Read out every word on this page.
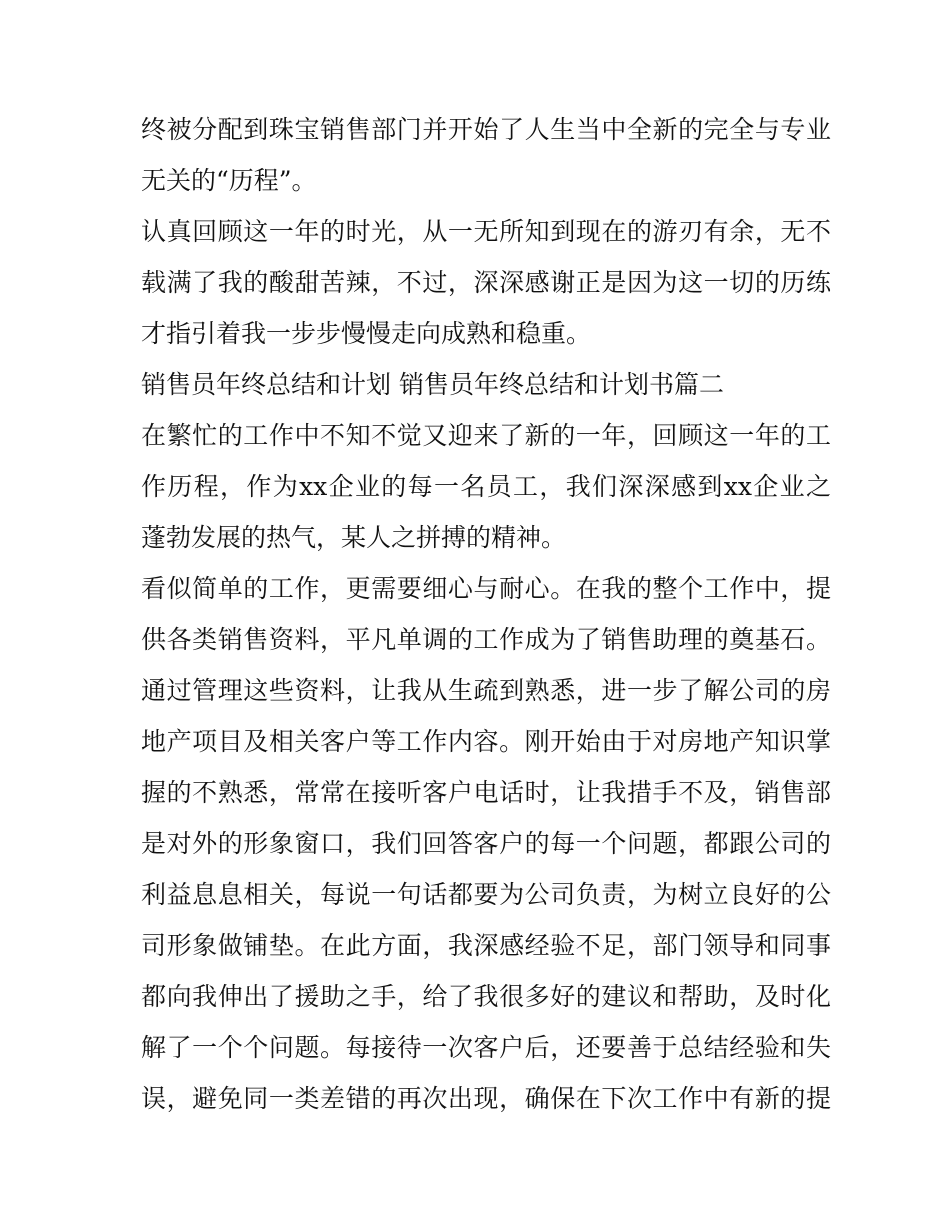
终被分配到珠宝销售部门并开始了人生当中全新的完全与专业
无关的“历程”。
认真回顾这一年的时光，从一无所知到现在的游刃有余，无不
载满了我的酸甜苦辣，不过，深深感谢正是因为这一切的历练
才指引着我一步步慢慢走向成熟和稳重。
销售员年终总结和计划 销售员年终总结和计划书篇二
在繁忙的工作中不知不觉又迎来了新的一年，回顾这一年的工
作历程，作为xx企业的每一名员工，我们深深感到xx企业之
蓬勃发展的热气，某人之拼搏的精神。
看似简单的工作，更需要细心与耐心。在我的整个工作中，提
供各类销售资料，平凡单调的工作成为了销售助理的奠基石。
通过管理这些资料，让我从生疏到熟悉，进一步了解公司的房
地产项目及相关客户等工作内容。刚开始由于对房地产知识掌
握的不熟悉，常常在接听客户电话时，让我措手不及，销售部
是对外的形象窗口，我们回答客户的每一个问题，都跟公司的
利益息息相关，每说一句话都要为公司负责，为树立良好的公
司形象做铺垫。在此方面，我深感经验不足，部门领导和同事
都向我伸出了援助之手，给了我很多好的建议和帮助，及时化
解了一个个问题。每接待一次客户后，还要善于总结经验和失
误，避免同一类差错的再次出现，确保在下次工作中有新的提
